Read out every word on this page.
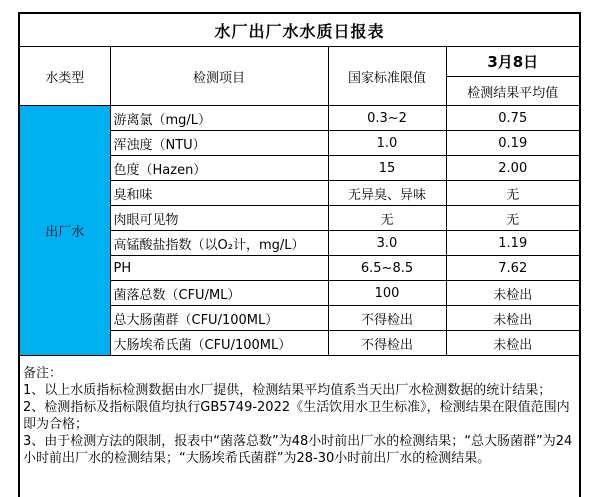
水厂出厂水水质日报表			
水类型	检测项目	国家标准限值	3月8日
			检测结果平均值
出厂水	游离氯（mg/L）	0.3~2	0.75
	浑浊度（NTU）	1.0	0.19
	色度（Hazen）	15	2.00
	臭和味	无异臭、异味	无
	肉眼可见物	无	无
	高锰酸盐指数（以O₂计，mg/L）	3.0	1.19
	PH	6.5~8.5	7.62
	菌落总数（CFU/ML）	100	未检出
	总大肠菌群（CFU/100ML）	不得检出	未检出
	大肠埃希氏菌（CFU/100ML）	不得检出	未检出

备注：
1、以上水质指标检测数据由水厂提供，检测结果平均值系当天出厂水检测数据的统计结果；
2、检测指标及指标限值均执行GB5749-2022《生活饮用水卫生标准》，检测结果在限值范围内即为合格；
3、由于检测方法的限制，报表中“菌落总数”为48小时前出厂水的检测结果；“总大肠菌群”为24小时前出厂水的检测结果；“大肠埃希氏菌群”为28-30小时前出厂水的检测结果。			
